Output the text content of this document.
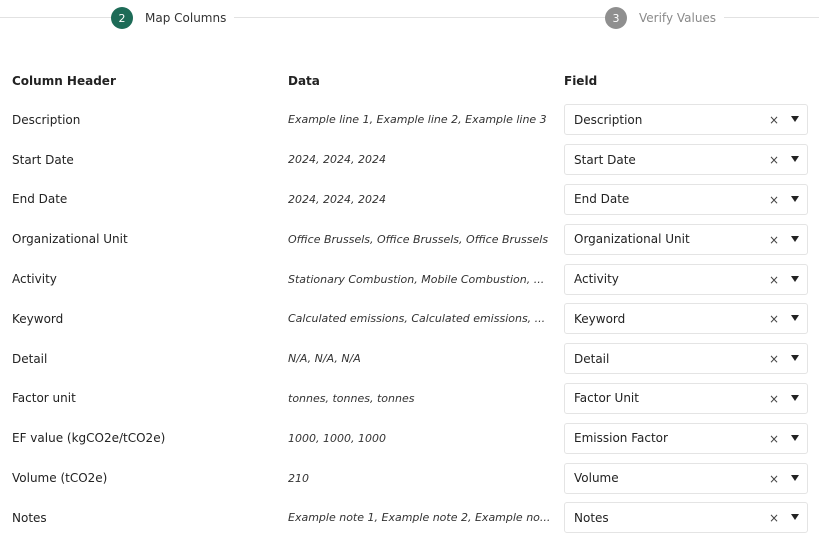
2	Map Columns	3	Verify Values
Column Header	Data	Field
Description	Example line 1, Example line 2, Example line 3	Description	×
Start Date	2024, 2024, 2024	Start Date	×
End Date	2024, 2024, 2024	End Date	×
Organizational Unit	Office Brussels, Office Brussels, Office Brussels	Organizational Unit	×
Activity	Stationary Combustion, Mobile Combustion, ...	Activity	×
Keyword	Calculated emissions, Calculated emissions, ...	Keyword	×
Detail	N/A, N/A, N/A	Detail	×
Factor unit	tonnes, tonnes, tonnes	Factor Unit	×
EF value (kgCO2e/tCO2e)	1000, 1000, 1000	Emission Factor	×
Volume (tCO2e)	210	Volume	×
Notes	Example note 1, Example note 2, Example no...	Notes	×
